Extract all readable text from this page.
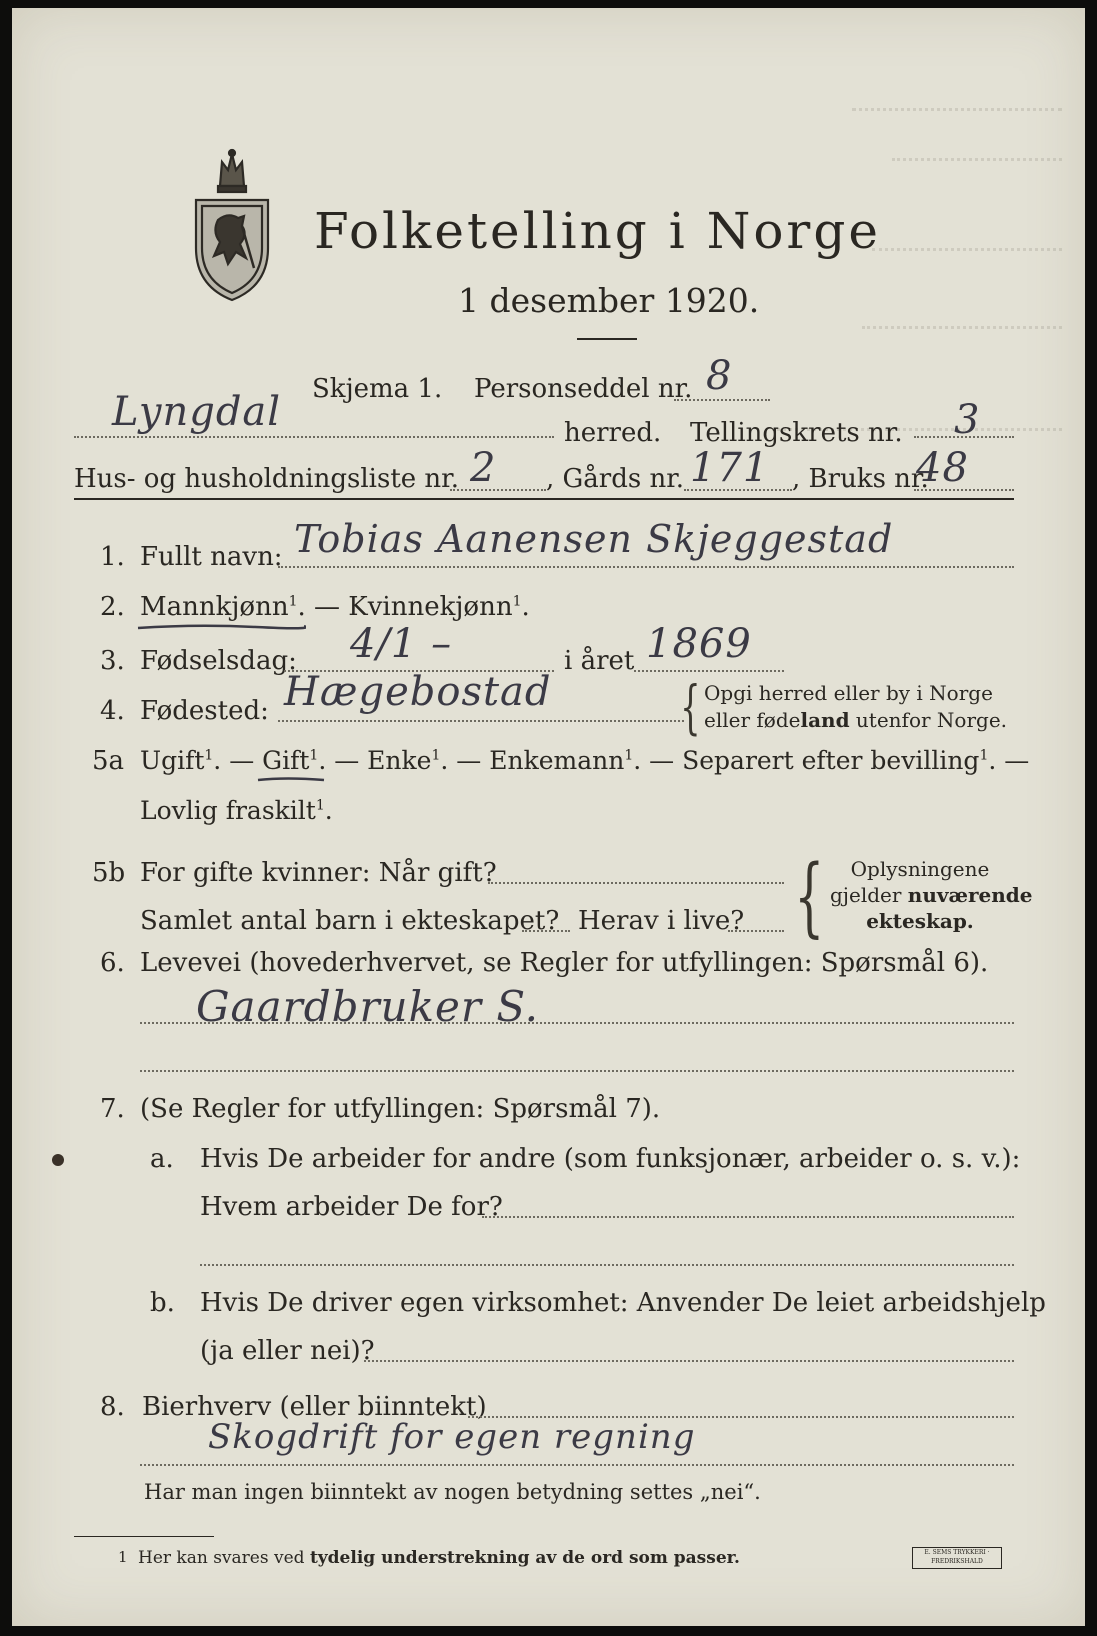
Folketelling i Norge
1 desember 1920.
Skjema 1. Personseddel nr. 8
Lyngdal	herred. Tellingskrets nr. 3
Hus- og husholdningsliste nr. 2 , Gårds nr. 171 , Bruks nr.
48
1. Fullt navn: Tobias Aanensen Skjeggestad
2. Mannkjønn$^1$. — Kvinnekjønn$^1$.
3. Fødselsdag: 4/1 –	i året 1869
4. Fødested: Hægebostad { Opgi herred eller by i Norge
eller fødeland utenfor Norge.
5a Ugift$^1$. — Gift$^1$. — Enke$^1$. — Enkemann$^1$. — Separert efter bevilling$^1$. —
Lovlig fraskilt$^1$.
5b For gifte kvinner: Når gift?
Samlet antal barn i ekteskapet? Herav i live? {	Oplysningene
gjelder nuværende
ekteskap.
6. Levevei (hovederhvervet, se Regler for utfyllingen: Spørsmål 6).
Gaardbruker S.
7. (Se Regler for utfyllingen: Spørsmål 7).
a. Hvis De arbeider for andre (som funksjonær, arbeider o. s. v.):
Hvem arbeider De for?
b. Hvis De driver egen virksomhet: Anvender De leiet arbeidshjelp
(ja eller nei)?
8. Bierhverv (eller biinntekt)
Skogdrift for egen regning
Har man ingen biinntekt av nogen betydning settes „nei“.
1 Her kan svares ved tydelig understrekning av de ord som passer.	E. SEMS TRYKKERI · FREDRIKSHALD
